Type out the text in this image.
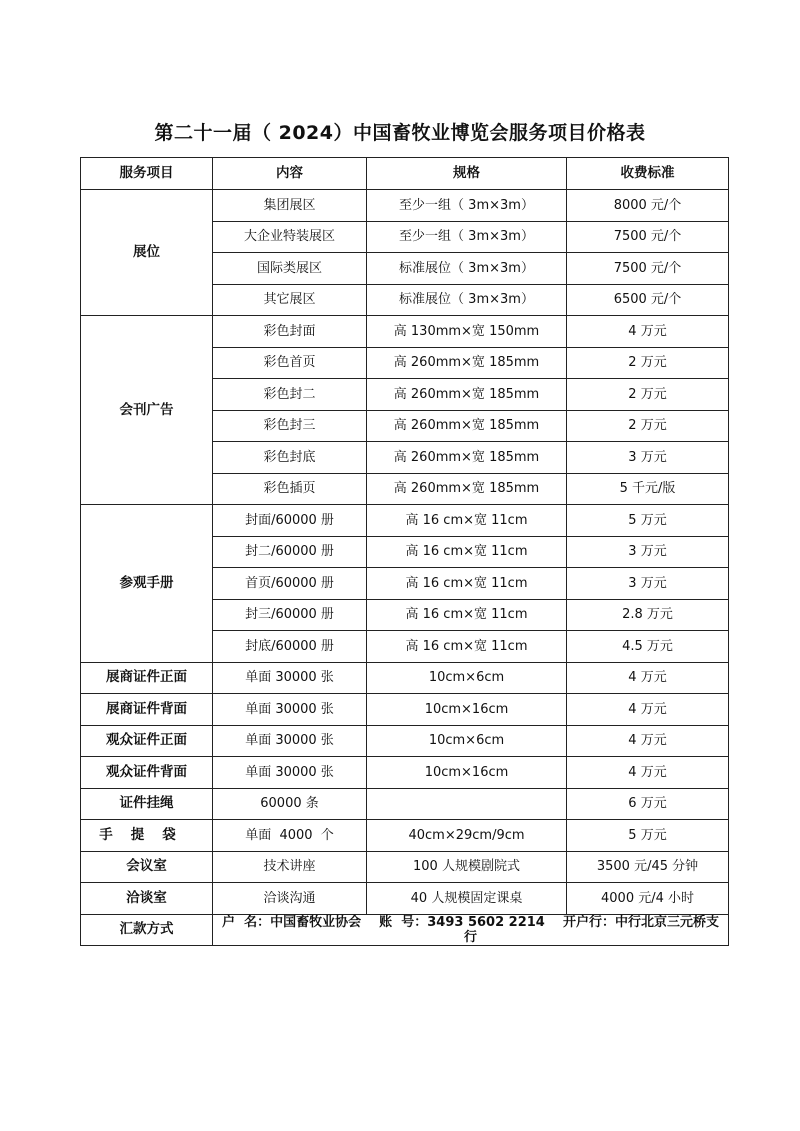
第二十一届（ 2024）中国畜牧业博览会服务项目价格表
服务项目	内容	规格	收费标准
展位	集团展区	至少一组（ 3m×3m）	8000 元/个
	大企业特装展区	至少一组（ 3m×3m）	7500 元/个
	国际类展区	标准展位（ 3m×3m）	7500 元/个
	其它展区	标准展位（ 3m×3m）	6500 元/个
会刊广告	彩色封面	高 130mm×宽 150mm	4 万元
	彩色首页	高 260mm×宽 185mm	2 万元
	彩色封二	高 260mm×宽 185mm	2 万元
	彩色封三	高 260mm×宽 185mm	2 万元
	彩色封底	高 260mm×宽 185mm	3 万元
	彩色插页	高 260mm×宽 185mm	5 千元/版
参观手册	封面/60000 册	高 16 cm×宽 11cm	5 万元
	封二/60000 册	高 16 cm×宽 11cm	3 万元
	首页/60000 册	高 16 cm×宽 11cm	3 万元
	封三/60000 册	高 16 cm×宽 11cm	2.8 万元
	封底/60000 册	高 16 cm×宽 11cm	4.5 万元
展商证件正面	单面 30000 张	10cm×6cm	4 万元
展商证件背面	单面 30000 张	10cm×16cm	4 万元
观众证件正面	单面 30000 张	10cm×6cm	4 万元
观众证件背面	单面 30000 张	10cm×16cm	4 万元
证件挂绳	60000 条		6 万元
手提袋	单面  4000  个	40cm×29cm/9cm	5 万元
会议室	技术讲座	100 人规模剧院式	3500 元/45 分钟
洽谈室	洽谈沟通	40 人规模固定课桌	4000 元/4 小时
汇款方式	户  名：中国畜牧业协会    账  号：3493 5602 2214    开户行：中行北京三元桥支行		
